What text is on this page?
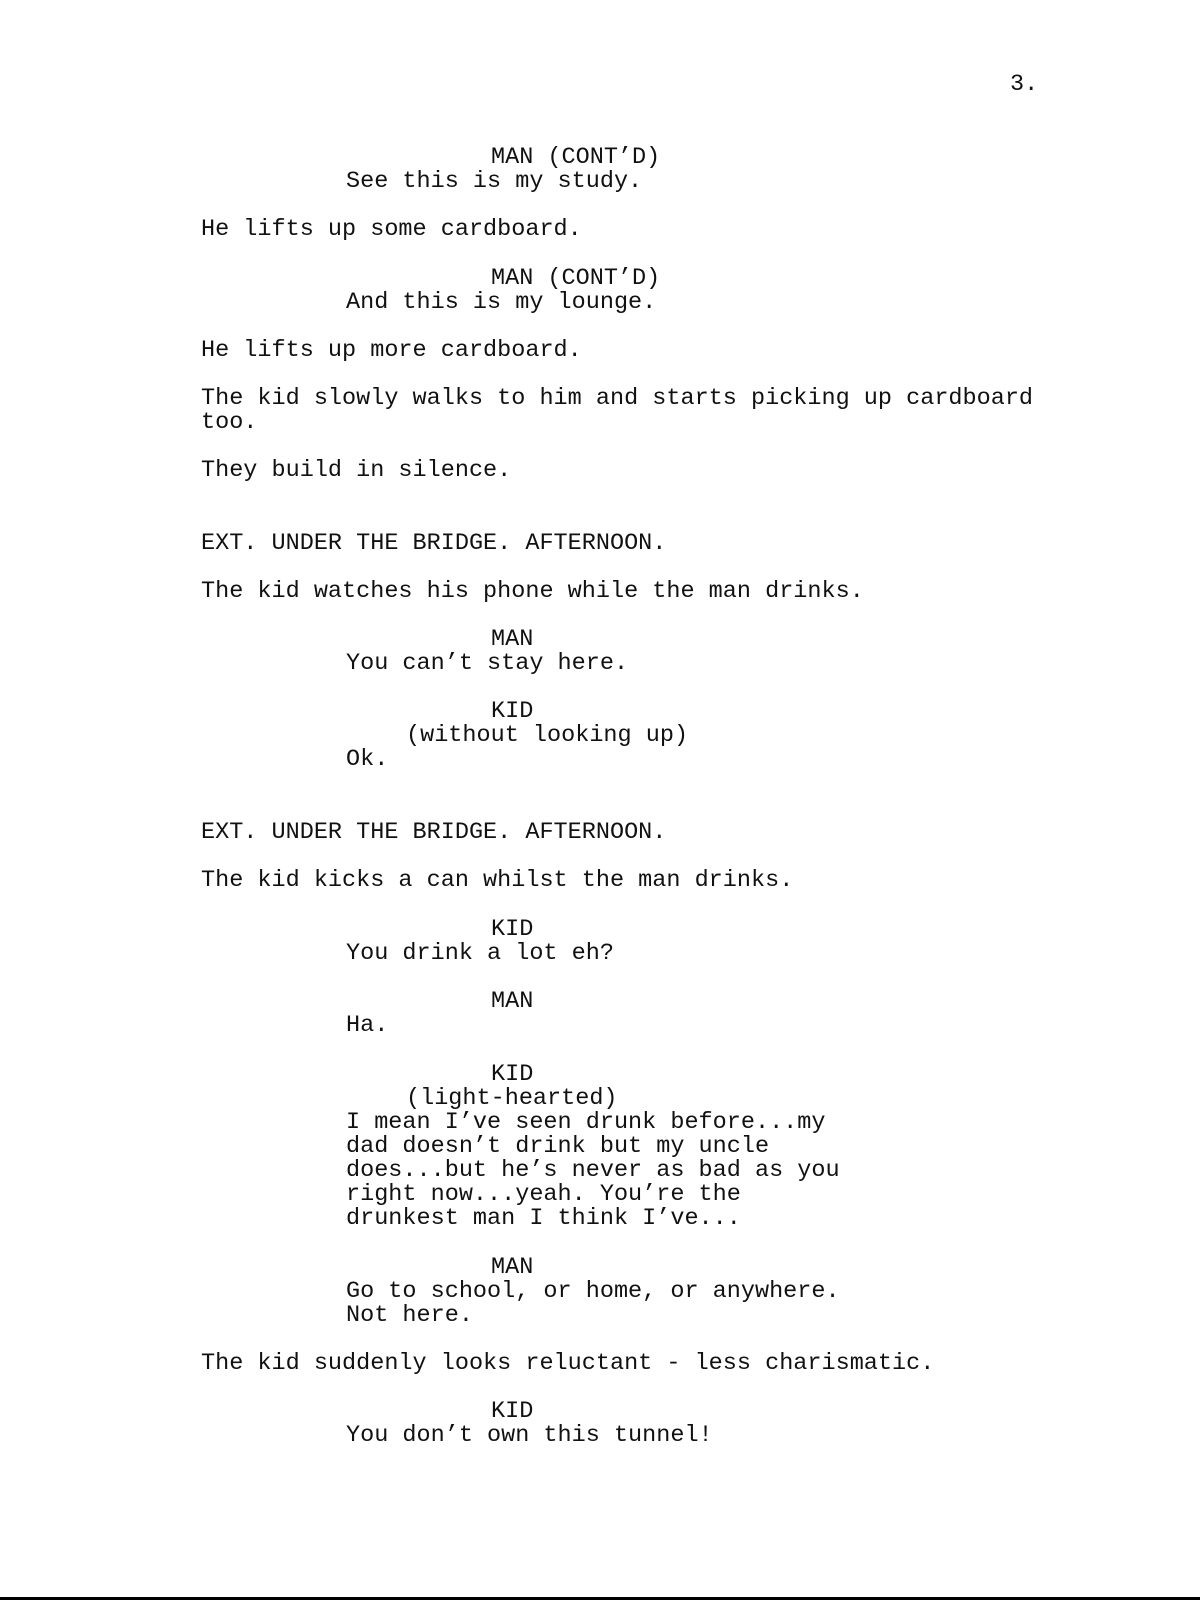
3.
MAN (CONT’D)
See this is my study.
He lifts up some cardboard.
MAN (CONT’D)
And this is my lounge.
He lifts up more cardboard.
The kid slowly walks to him and starts picking up cardboard
too.
They build in silence.
EXT. UNDER THE BRIDGE. AFTERNOON.
The kid watches his phone while the man drinks.
MAN
You can’t stay here.
KID
(without looking up)
Ok.
EXT. UNDER THE BRIDGE. AFTERNOON.
The kid kicks a can whilst the man drinks.
KID
You drink a lot eh?
MAN
Ha.
KID
(light-hearted)
I mean I’ve seen drunk before...my
dad doesn’t drink but my uncle
does...but he’s never as bad as you
right now...yeah. You’re the
drunkest man I think I’ve...
MAN
Go to school, or home, or anywhere.
Not here.
The kid suddenly looks reluctant - less charismatic.
KID
You don’t own this tunnel!
